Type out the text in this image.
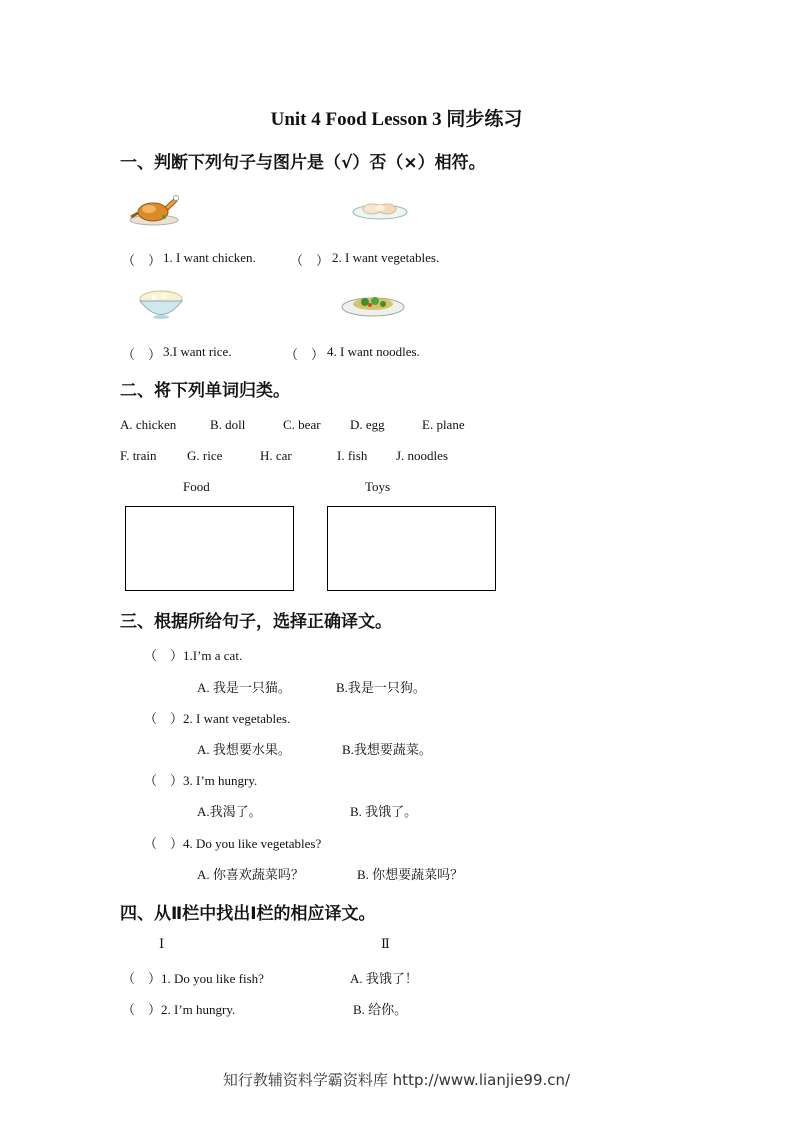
Unit 4 Food Lesson 3 同步练习
一、判断下列句子与图片是（√）否（×）相符。
（　） 1. I want chicken.	（　） 2. I want vegetables.
（　） 3.I want rice.	（　） 4. I want noodles.
二、将下列单词归类。
A. chicken	B. doll	C. bear D. egg	E. plane
F. train G. rice	H. car	I. fish J. noodles
Food	Toys
三、根据所给句子，选择正确译文。
（　）1.I’m a cat.
A. 我是一只猫。	B.我是一只狗。
（　）2. I want vegetables.
A. 我想要水果。	B.我想要蔬菜。
（　）3. I’m hungry.
A.我渴了。	B. 我饿了。
（　）4. Do you like vegetables?
A. 你喜欢蔬菜吗？	B. 你想要蔬菜吗？
四、从Ⅱ栏中找出Ⅰ栏的相应译文。
Ⅰ	Ⅱ
（　）1. Do you like fish?	A. 我饿了！
（　）2. I’m hungry.	B. 给你。
知行教辅资料学霸资料库 http://www.lianjie99.cn/
